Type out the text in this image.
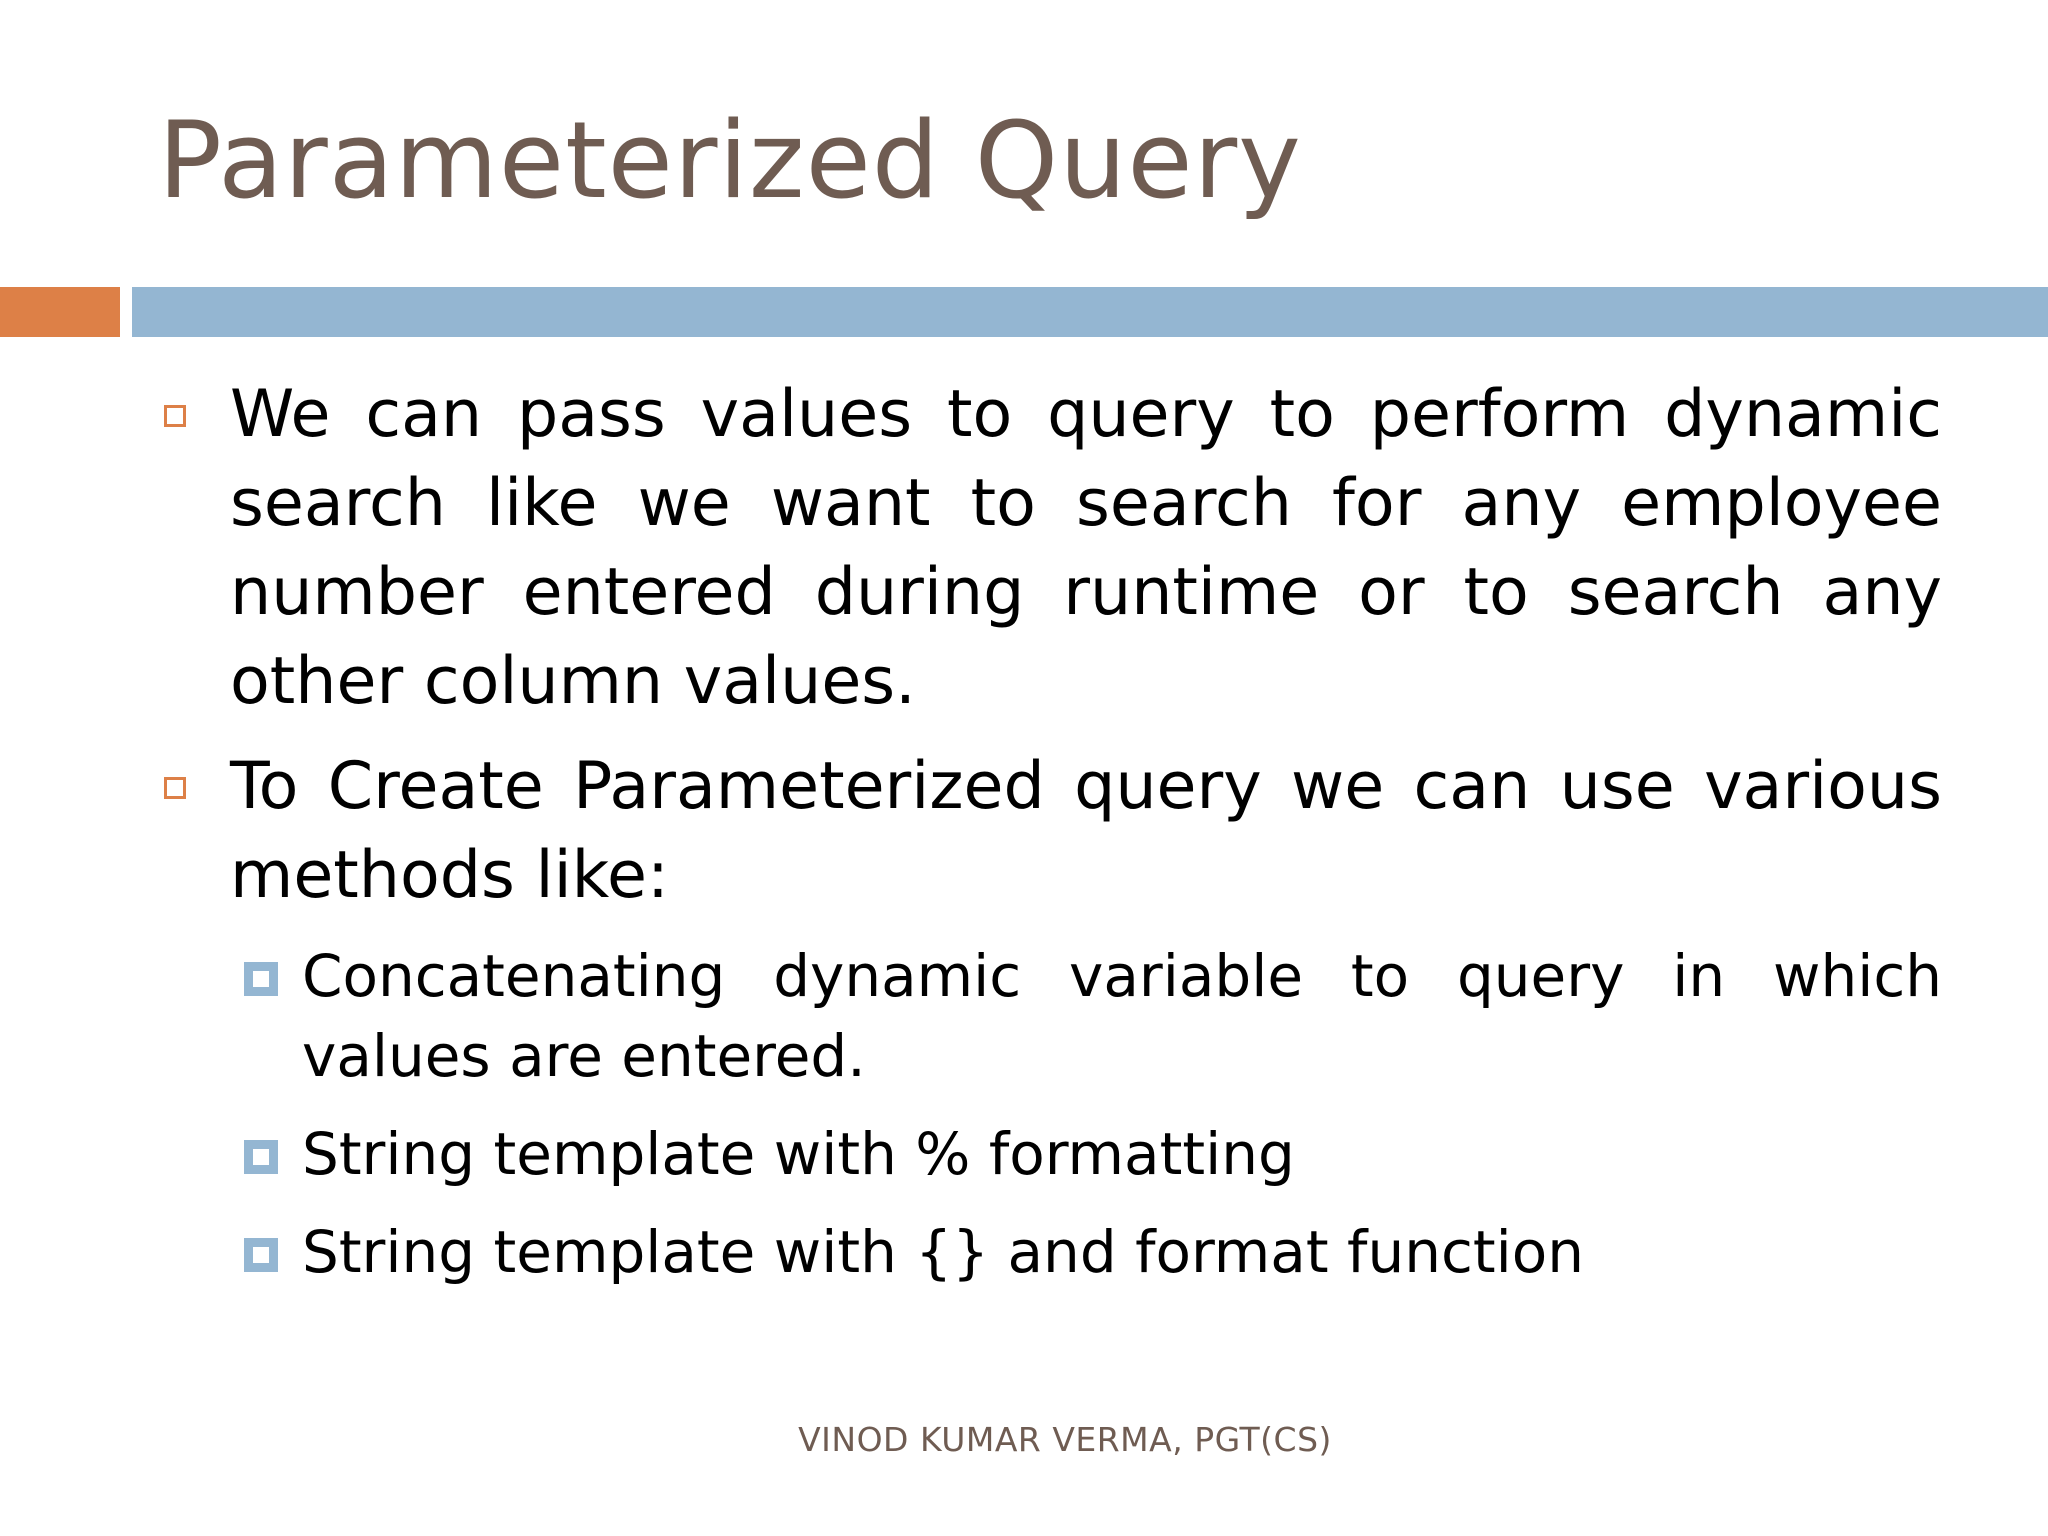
Parameterized Query
We can pass values to query to perform dynamic search like we want to search for any employee number entered during runtime or to search any other column values.
To Create Parameterized query we can use various methods like:
Concatenating dynamic variable to query in which values are entered.
String template with % formatting
String template with {} and format function
VINOD KUMAR VERMA, PGT(CS)
